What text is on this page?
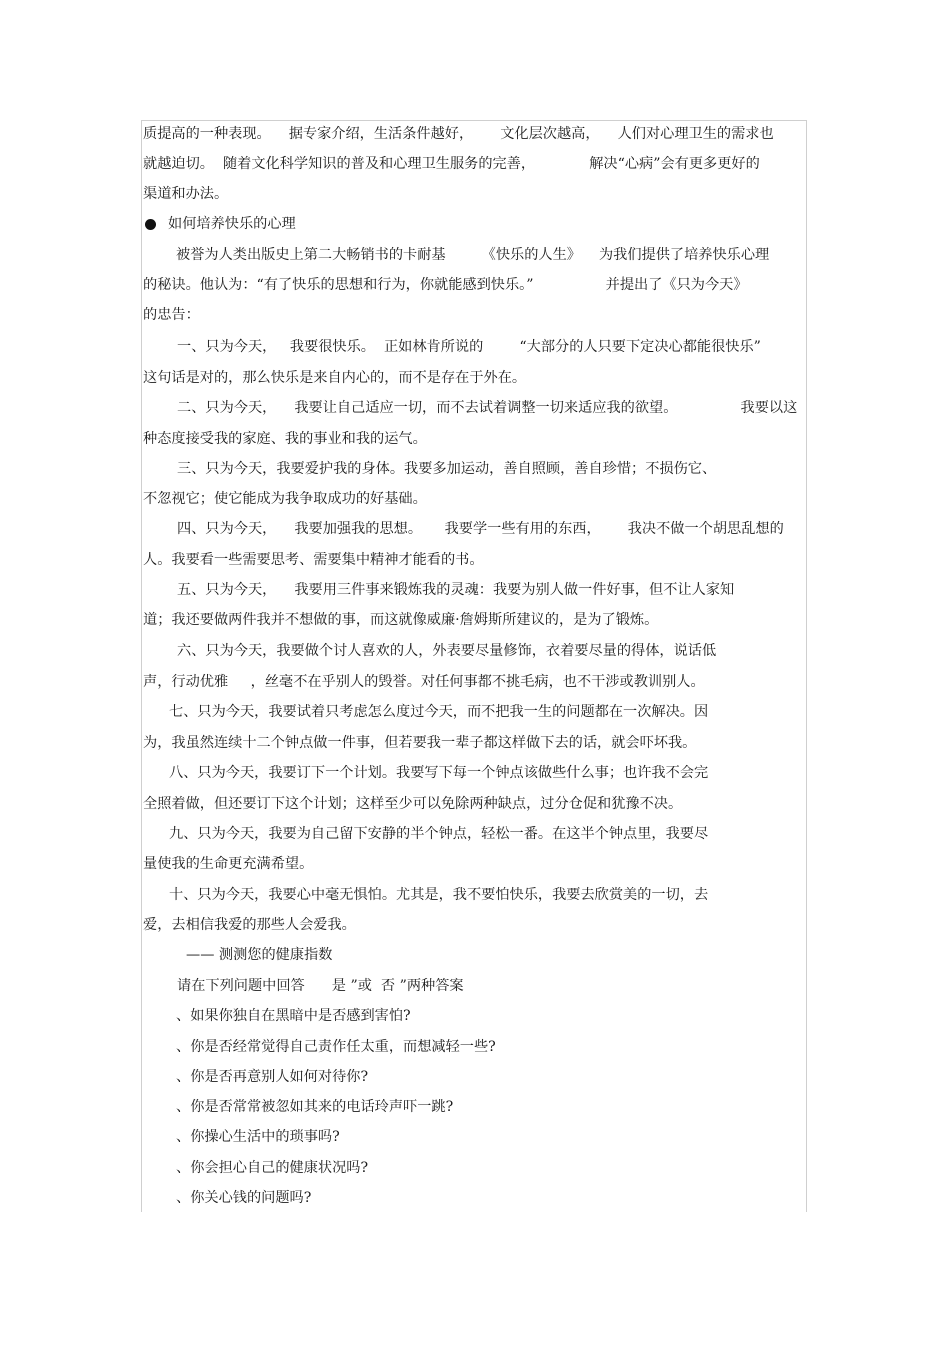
质提高的一种表现。    据专家介绍，生活条件越好，      文化层次越高，    人们对心理卫生的需求也

就越迫切。  随着文化科学知识的普及和心理卫生服务的完善，            解决“心病”会有更多更好的

渠道和办法。

如何培养快乐的心理

被誉为人类出版史上第二大畅销书的卡耐基        《快乐的人生》    为我们提供了培养快乐心理

的秘诀。他认为：“有了快乐的思想和行为，你就能感到快乐。”                并提出了《只为今天》

的忠告：

一、只为今天，   我要很快乐。  正如林肯所说的        “大部分的人只要下定决心都能很快乐”

这句话是对的，那么快乐是来自内心的，而不是存在于外在。

二、只为今天，    我要让自己适应一切，而不去试着调整一切来适应我的欲望。              我要以这

种态度接受我的家庭、我的事业和我的运气。

三、只为今天，我要爱护我的身体。我要多加运动，善自照顾，善自珍惜；不损伤它、

不忽视它；使它能成为我争取成功的好基础。

四、只为今天，    我要加强我的思想。     我要学一些有用的东西，      我决不做一个胡思乱想的

人。我要看一些需要思考、需要集中精神才能看的书。

五、只为今天，    我要用三件事来锻炼我的灵魂：我要为别人做一件好事，但不让人家知

道；我还要做两件我并不想做的事，而这就像威廉·詹姆斯所建议的，是为了锻炼。

六、只为今天，我要做个讨人喜欢的人，外表要尽量修饰，衣着要尽量的得体，说话低

声，行动优雅     ，丝毫不在乎别人的毁誉。对任何事都不挑毛病，也不干涉或教训别人。

七、只为今天，我要试着只考虑怎么度过今天，而不把我一生的问题都在一次解决。因

为，我虽然连续十二个钟点做一件事，但若要我一辈子都这样做下去的话，就会吓坏我。

八、只为今天，我要订下一个计划。我要写下每一个钟点该做些什么事；也许我不会完

全照着做，但还要订下这个计划；这样至少可以免除两种缺点，过分仓促和犹豫不决。

九、只为今天，我要为自己留下安静的半个钟点，轻松一番。在这半个钟点里，我要尽

量使我的生命更充满希望。

十、只为今天，我要心中毫无惧怕。尤其是，我不要怕快乐，我要去欣赏美的一切，去

爱，去相信我爱的那些人会爱我。

—— 测测您的健康指数

请在下列问题中回答      是 ”或  否 ”两种答案

、如果你独自在黑暗中是否感到害怕?

、你是否经常觉得自己责作任太重，而想减轻一些?

、你是否再意别人如何对待你?

、你是否常常被忽如其来的电话玲声吓一跳?

、你操心生活中的琐事吗?

、你会担心自己的健康状况吗?

、你关心钱的问题吗?
